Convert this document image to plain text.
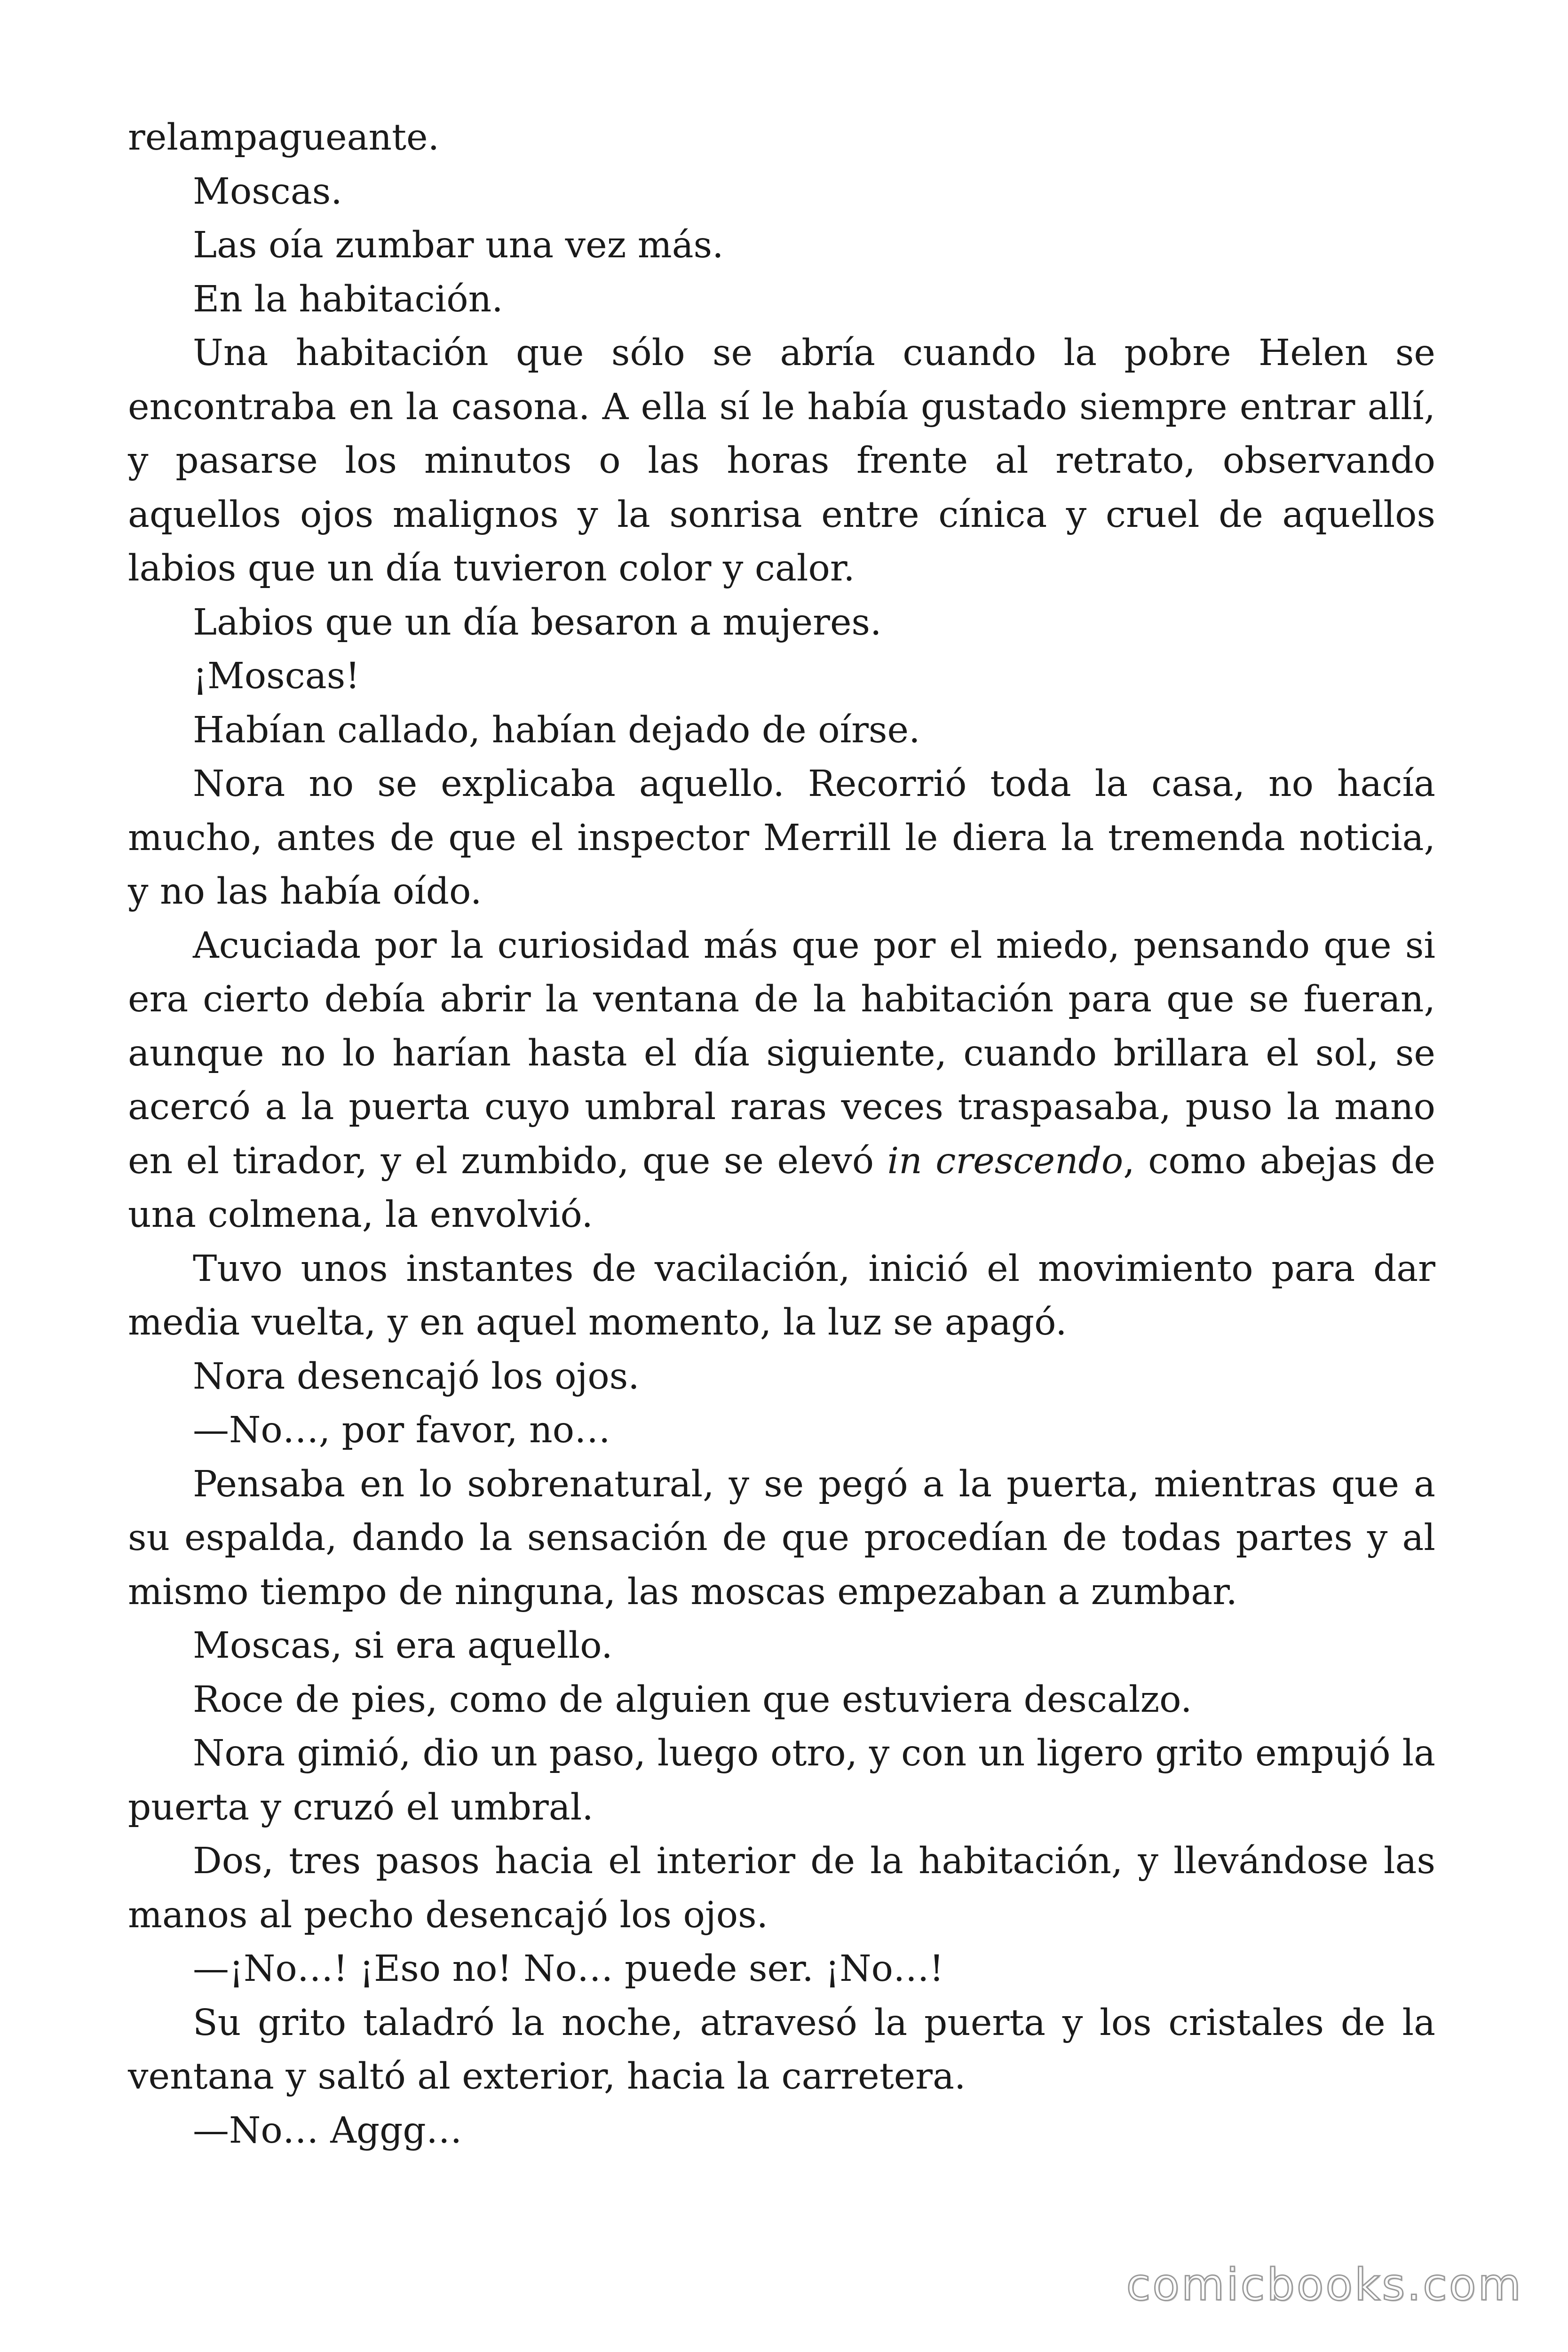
relampagueante.

Moscas.

Las oía zumbar una vez más.

En la habitación.

Una habitación que sólo se abría cuando la pobre Helen se encontraba en la casona. A ella sí le había gustado siempre entrar allí, y pasarse los minutos o las horas frente al retrato, observando aquellos ojos malignos y la sonrisa entre cínica y cruel de aquellos labios que un día tuvieron color y calor.

Labios que un día besaron a mujeres.

¡Moscas!

Habían callado, habían dejado de oírse.

Nora no se explicaba aquello. Recorrió toda la casa, no hacía mucho, antes de que el inspector Merrill le diera la tremenda noticia, y no las había oído.

Acuciada por la curiosidad más que por el miedo, pensando que si era cierto debía abrir la ventana de la habitación para que se fueran, aunque no lo harían hasta el día siguiente, cuando brillara el sol, se acercó a la puerta cuyo umbral raras veces traspasaba, puso la mano en el tirador, y el zumbido, que se elevó in crescendo, como abejas de una colmena, la envolvió.

Tuvo unos instantes de vacilación, inició el movimiento para dar media vuelta, y en aquel momento, la luz se apagó.

Nora desencajó los ojos.

—No…, por favor, no…

Pensaba en lo sobrenatural, y se pegó a la puerta, mientras que a su espalda, dando la sensación de que procedían de todas partes y al mismo tiempo de ninguna, las moscas empezaban a zumbar.

Moscas, si era aquello.

Roce de pies, como de alguien que estuviera descalzo.

Nora gimió, dio un paso, luego otro, y con un ligero grito empujó la puerta y cruzó el umbral.

Dos, tres pasos hacia el interior de la habitación, y llevándose las manos al pecho desencajó los ojos.

—¡No…! ¡Eso no! No… puede ser. ¡No…!

Su grito taladró la noche, atravesó la puerta y los cristales de la ventana y saltó al exterior, hacia la carretera.

—No… Aggg…

comicbooks.com
